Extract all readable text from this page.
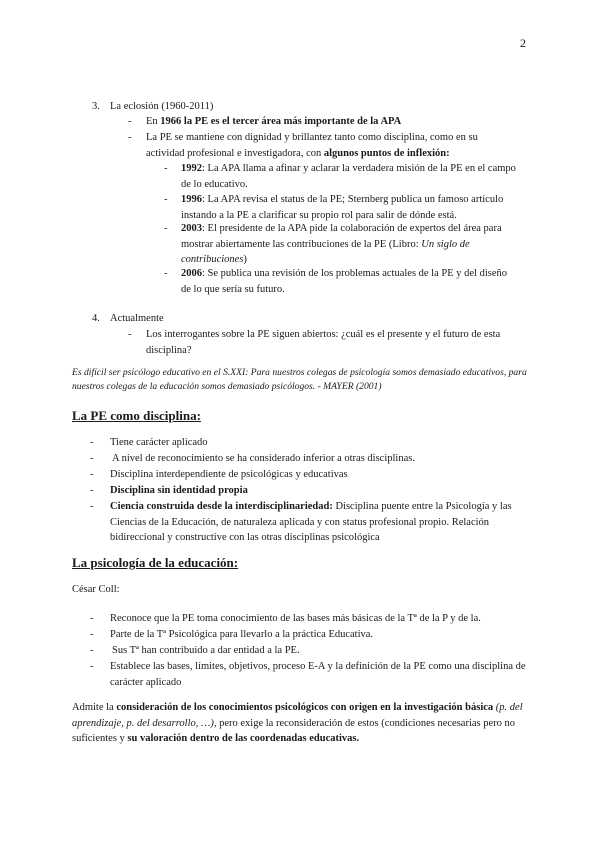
2
3. La eclosión (1960-2011)
- En 1966 la PE es el tercer área más importante de la APA
- La PE se mantiene con dignidad y brillantez tanto como disciplina, como en su actividad profesional e investigadora, con algunos puntos de inflexión:
- 1992: La APA llama a afinar y aclarar la verdadera misión de la PE en el campo de lo educativo.
- 1996: La APA revisa el status de la PE; Sternberg publica un famoso artículo instando a la PE a clarificar su propio rol para salir de dónde está.
- 2003: El presidente de la APA pide la colaboración de expertos del área para mostrar abiertamente las contribuciones de la PE (Libro: Un siglo de contribuciones)
- 2006: Se publica una revisión de los problemas actuales de la PE y del diseño de lo que sería su futuro.
4. Actualmente
- Los interrogantes sobre la PE siguen abiertos: ¿cuál es el presente y el futuro de esta disciplina?
Es difícil ser psicólogo educativo en el S.XXI: Para nuestros colegas de psicología somos demasiado educativos, para nuestros colegas de la educación somos demasiado psicólogos. - MAYER (2001)
La PE como disciplina:
- Tiene carácter aplicado
- A nivel de reconocimiento se ha considerado inferior a otras disciplinas.
- Disciplina interdependiente de psicológicas y educativas
- Disciplina sin identidad propia
- Ciencia construida desde la interdisciplinariedad: Disciplina puente entre la Psicología y las Ciencias de la Educación, de naturaleza aplicada y con status profesional propio. Relación bidireccional y constructive con las otras disciplinas psicológica
La psicología de la educación:
César Coll:
- Reconoce que la PE toma conocimiento de las bases más básicas de la Tª de la P y de la.
- Parte de la Tª Psicológica para llevarlo a la práctica Educativa.
- Sus Tª han contribuido a dar entidad a la PE.
- Establece las bases, límites, objetivos, proceso E-A y la definición de la PE como una disciplina de carácter aplicado
Admite la consideración de los conocimientos psicológicos con origen en la investigación básica (p. del aprendizaje, p. del desarrollo, …), pero exige la reconsideración de estos (condiciones necesarias pero no suficientes y su valoración dentro de las coordenadas educativas.
